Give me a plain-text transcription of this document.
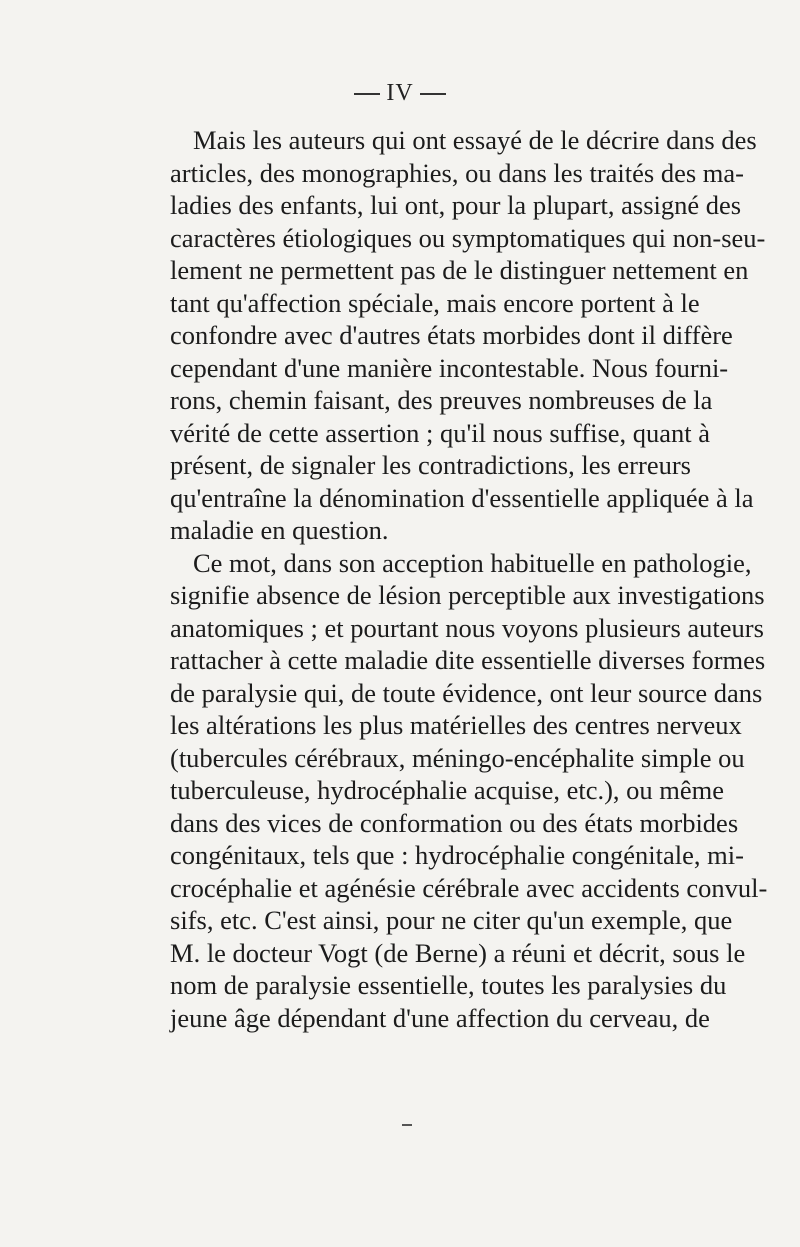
IV
Mais les auteurs qui ont essayé de le décrire dans des
articles, des monographies, ou dans les traités des ma-
ladies des enfants, lui ont, pour la plupart, assigné des
caractères étiologiques ou symptomatiques qui non-seu-
lement ne permettent pas de le distinguer nettement en
tant qu'affection spéciale, mais encore portent à le
confondre avec d'autres états morbides dont il diffère
cependant d'une manière incontestable. Nous fourni-
rons, chemin faisant, des preuves nombreuses de la
vérité de cette assertion ; qu'il nous suffise, quant à
présent, de signaler les contradictions, les erreurs
qu'entraîne la dénomination d'essentielle appliquée à la
maladie en question.
Ce mot, dans son acception habituelle en pathologie,
signifie absence de lésion perceptible aux investigations
anatomiques ; et pourtant nous voyons plusieurs auteurs
rattacher à cette maladie dite essentielle diverses formes
de paralysie qui, de toute évidence, ont leur source dans
les altérations les plus matérielles des centres nerveux
(tubercules cérébraux, méningo-encéphalite simple ou
tuberculeuse, hydrocéphalie acquise, etc.), ou même
dans des vices de conformation ou des états morbides
congénitaux, tels que : hydrocéphalie congénitale, mi-
crocéphalie et agénésie cérébrale avec accidents convul-
sifs, etc. C'est ainsi, pour ne citer qu'un exemple, que
M. le docteur Vogt (de Berne) a réuni et décrit, sous le
nom de paralysie essentielle, toutes les paralysies du
jeune âge dépendant d'une affection du cerveau, de
